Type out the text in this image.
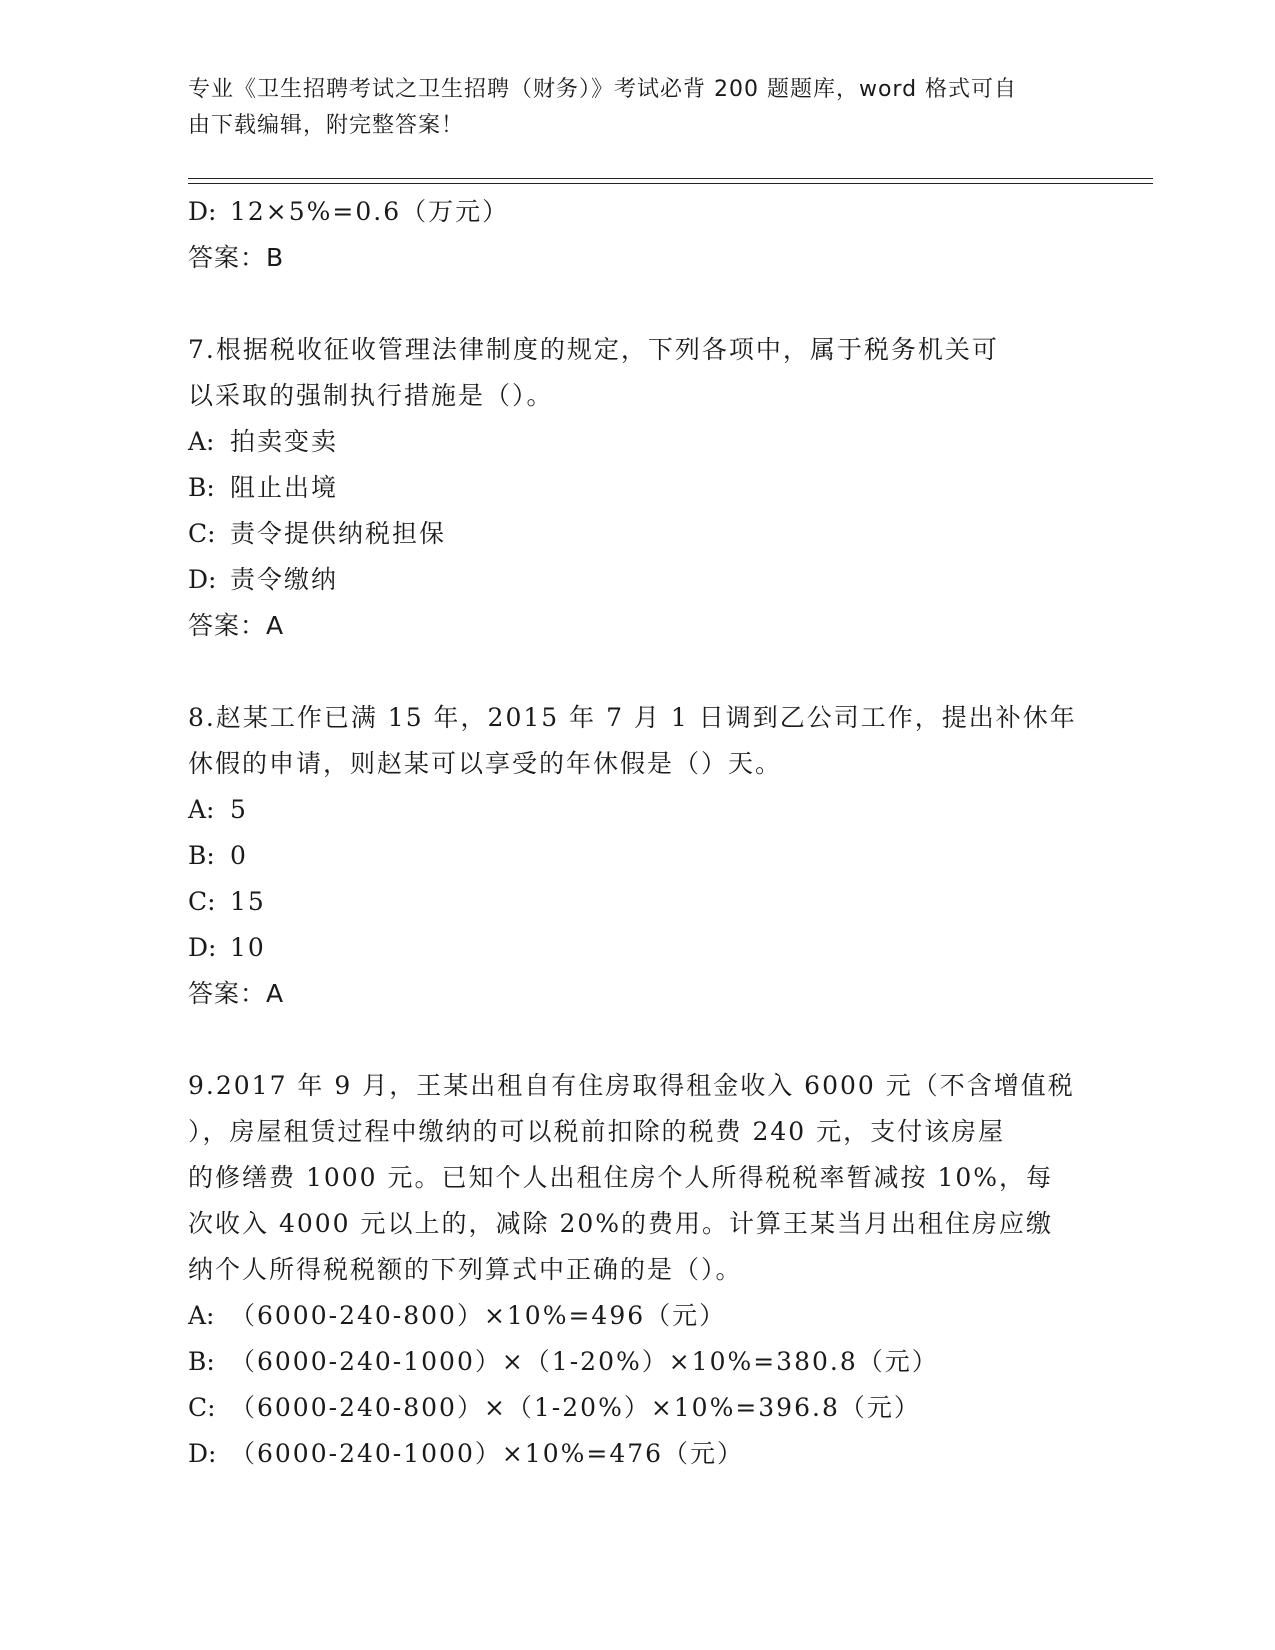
专业《卫生招聘考试之卫生招聘（财务）》考试必背 200 题题库，word 格式可自
由下载编辑，附完整答案！
D: 12×5%=0.6（万元）
答案：B
7.根据税收征收管理法律制度的规定，下列各项中，属于税务机关可
以采取的强制执行措施是（）。
A: 拍卖变卖
B: 阻止出境
C: 责令提供纳税担保
D: 责令缴纳
答案：A
8.赵某工作已满 15 年，2015 年 7 月 1 日调到乙公司工作，提出补休年
休假的申请，则赵某可以享受的年休假是（）天。
A: 5
B: 0
C: 15
D: 10
答案：A
9.2017 年 9 月，王某出租自有住房取得租金收入 6000 元（不含增值税
），房屋租赁过程中缴纳的可以税前扣除的税费 240 元，支付该房屋
的修缮费 1000 元。已知个人出租住房个人所得税税率暂减按 10%，每
次收入 4000 元以上的，减除 20%的费用。计算王某当月出租住房应缴
纳个人所得税税额的下列算式中正确的是（）。
A: （6000-240-800）×10%=496（元）
B: （6000-240-1000）×（1-20%）×10%=380.8（元）
C: （6000-240-800）×（1-20%）×10%=396.8（元）
D: （6000-240-1000）×10%=476（元）
